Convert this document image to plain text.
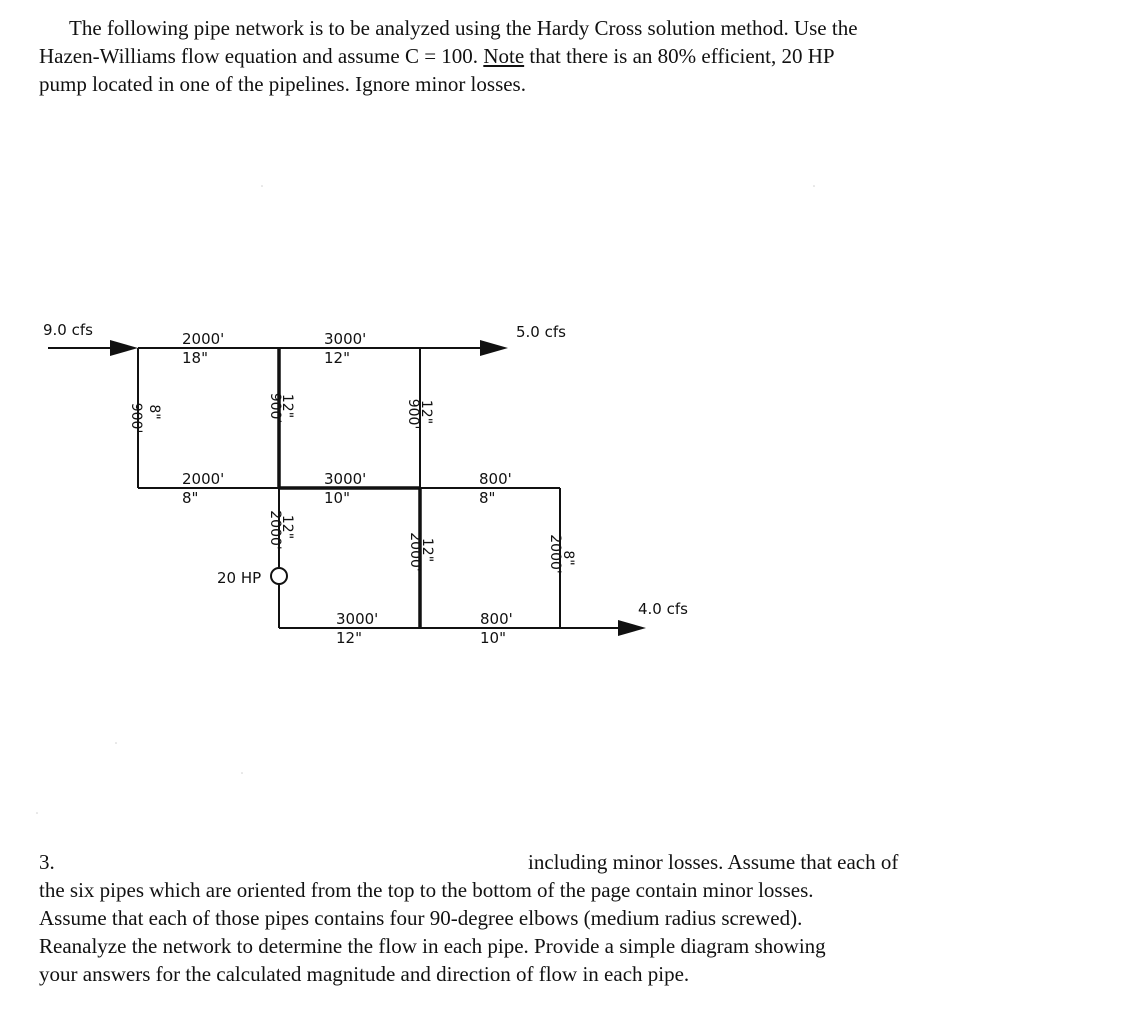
The following pipe network is to be analyzed using the Hardy Cross solution method. Use the
Hazen-Williams flow equation and assume C = 100. Note that there is an 80% efficient, 20 HP
pump located in one of the pipelines. Ignore minor losses.

9.0 cfs	5.0 cfs
4.0 cfs
20 HP
2000'
18"
3000'
12"
2000'
8"
3000'
10"
800'
8"
3000'
12"
800'
10"
900' 8"	900'
12"	900'
12"
2000'
12"
2000'
12"	2000'
8"

3.	including minor losses. Assume that each of
the six pipes which are oriented from the top to the bottom of the page contain minor losses.
Assume that each of those pipes contains four 90-degree elbows (medium radius screwed).
Reanalyze the network to determine the flow in each pipe. Provide a simple diagram showing
your answers for the calculated magnitude and direction of flow in each pipe.
